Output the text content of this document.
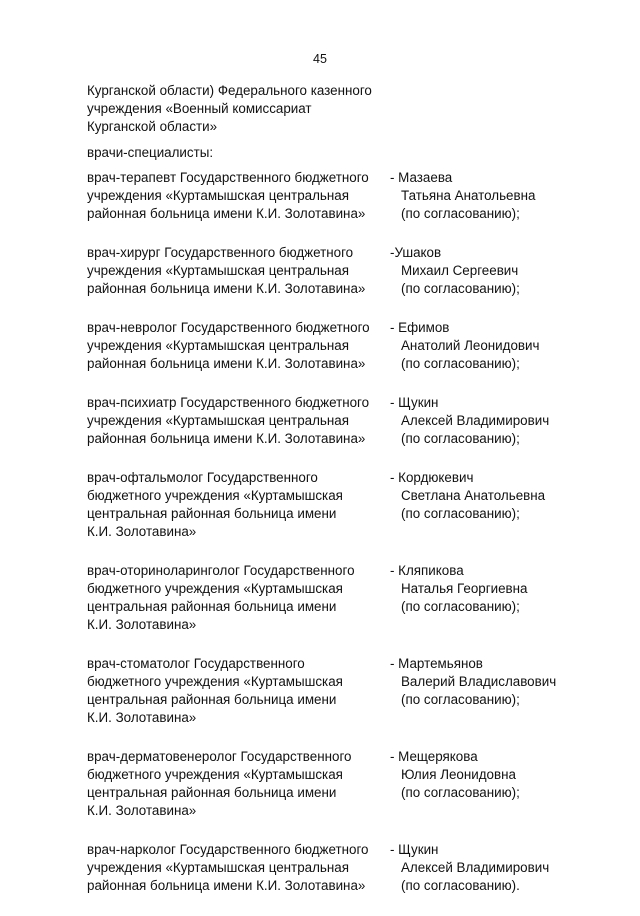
45
Курганской области) Федерального казенного
учреждения «Военный комиссариат
Курганской области»
врачи-специалисты:
врач-терапевт Государственного бюджетного
учреждения «Куртамышская центральная
районная больница имени К.И. Золотавина»
- Мазаева
Татьяна Анатольевна
(по согласованию);
врач-хирург Государственного бюджетного
учреждения «Куртамышская центральная
районная больница имени К.И. Золотавина»
-Ушаков
Михаил Сергеевич
(по согласованию);
врач-невролог Государственного бюджетного
учреждения «Куртамышская центральная
районная больница имени К.И. Золотавина»
- Ефимов
Анатолий Леонидович
(по согласованию);
врач-психиатр Государственного бюджетного
учреждения «Куртамышская центральная
районная больница имени К.И. Золотавина»
- Щукин
Алексей Владимирович
(по согласованию);
врач-офтальмолог Государственного
бюджетного учреждения «Куртамышская
центральная районная больница имени
К.И. Золотавина»
- Кордюкевич
Светлана Анатольевна
(по согласованию);
врач-оториноларинголог Государственного
бюджетного учреждения «Куртамышская
центральная районная больница имени
К.И. Золотавина»
- Кляпикова
Наталья Георгиевна
(по согласованию);
врач-стоматолог Государственного
бюджетного учреждения «Куртамышская
центральная районная больница имени
К.И. Золотавина»
- Мартемьянов
Валерий Владиславович
(по согласованию);
врач-дерматовенеролог Государственного
бюджетного учреждения «Куртамышская
центральная районная больница имени
К.И. Золотавина»
- Мещерякова
Юлия Леонидовна
(по согласованию);
врач-нарколог Государственного бюджетного
учреждения «Куртамышская центральная
районная больница имени К.И. Золотавина»
- Щукин
Алексей Владимирович
(по согласованию).
